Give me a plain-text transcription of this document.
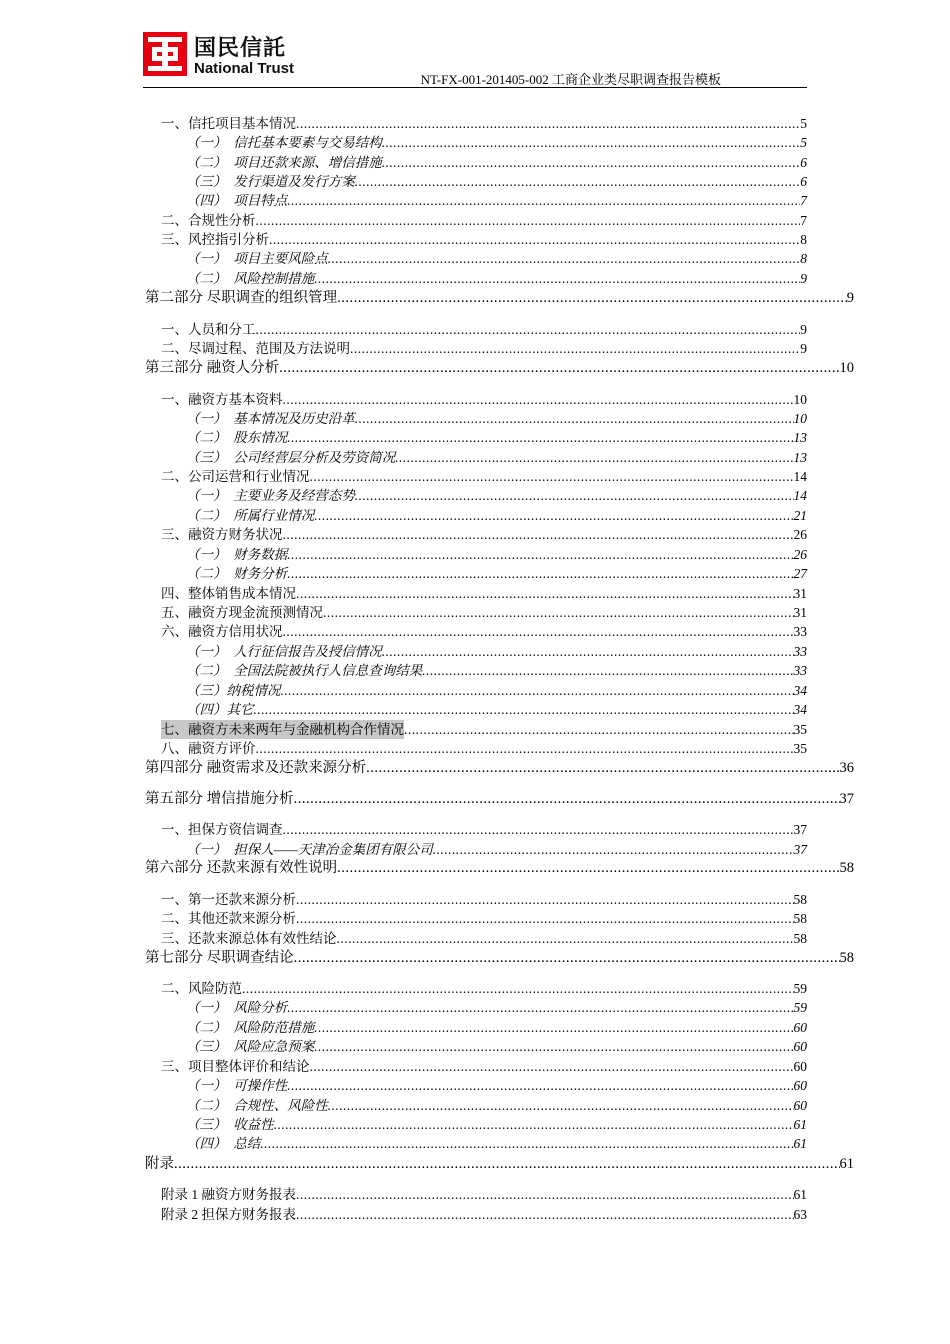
国民信託
National Trust
NT-FX-001-201405-002 工商企业类尽职调查报告模板
一、信托项目基本情况 .....	5
（一）　信托基本要素与交易结构 .....	5
（二）　项目还款来源、增信措施 .....	6
（三）　发行渠道及发行方案 .....	6
（四）　项目特点 .....	7
二、合规性分析 .....	7
三、风控指引分析 .....	8
（一）　项目主要风险点 .....	8
（二）　风险控制措施 .....	9
第二部分 尽职调查的组织管理 .....	9
一、人员和分工 .....	9
二、尽调过程、范围及方法说明 .....	9
第三部分 融资人分析 .....	10
一、融资方基本资料 .....	10
（一）　基本情况及历史沿革 .....	10
（二）　股东情况 .....	13
（三）　公司经营层分析及劳资简况 .....	13
二、公司运营和行业情况 .....	14
（一）　主要业务及经营态势 .....	14
（二）　所属行业情况 .....	21
三、融资方财务状况 .....	26
（一）　财务数据 .....	26
（二）　财务分析 .....	27
四、整体销售成本情况 .....	31
五、融资方现金流预测情况 .....	31
六、融资方信用状况 .....	33
（一）　人行征信报告及授信情况 .....	33
（二）　全国法院被执行人信息查询结果 .....	33
（三）纳税情况 .....	34
（四）其它 .....	34
七、融资方未来两年与金融机构合作情况 .....	35
八、融资方评价 .....	35
第四部分 融资需求及还款来源分析 .....	36
第五部分 增信措施分析 .....	37
一、担保方资信调查 .....	37
（一）　担保人——天津冶金集团有限公司 .....	37
第六部分 还款来源有效性说明 .....	58
一、第一还款来源分析 .....	58
二、其他还款来源分析 .....	58
三、还款来源总体有效性结论 .....	58
第七部分 尽职调查结论 .....	58
二、风险防范 .....	59
（一）　风险分析 .....	59
（二）　风险防范措施 .....	60
（三）　风险应急预案 .....	60
三、项目整体评价和结论 .....	60
（一）　可操作性 .....	60
（二）　合规性、风险性 .....	60
（三）　收益性 .....	61
（四）　总结 .....	61
附录 .....	61
附录 1 融资方财务报表 .....	61
附录 2 担保方财务报表 .....	63
